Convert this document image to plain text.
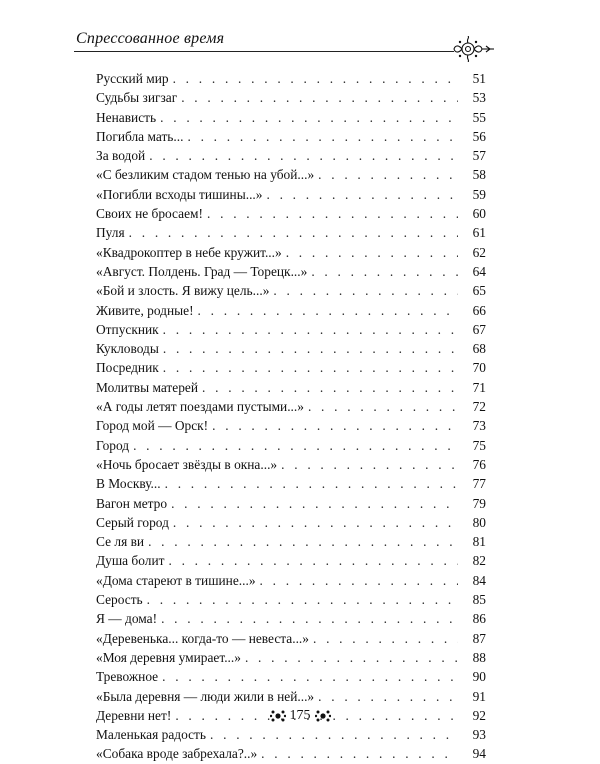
Спрессованное время
Русский мир . . .	51
Судьбы зигзаг . . .	53
Ненависть . . .	55
Погибла мать... . . .	56
За водой . . .	57
«С безликим стадом тенью на убой...» . . .	58
«Погибли всходы тишины...» . . .	59
Своих не бросаем! . . .	60
Пуля . . .	61
«Квадрокоптер в небе кружит...» . . .	62
«Август. Полдень. Град — Торецк...» . . .	64
«Бой и злость. Я вижу цель...» . . .	65
Живите, родные! . . .	66
Отпускник . . .	67
Кукловоды . . .	68
Посредник . . .	70
Молитвы матерей . . .	71
«А годы летят поездами пустыми...» . . .	72
Город мой — Орск! . . .	73
Город . . .	75
«Ночь бросает звёзды в окна...» . . .	76
В Москву... . . .	77
Вагон метро . . .	79
Серый город . . .	80
Се ля ви . . .	81
Душа болит . . .	82
«Дома стареют в тишине...» . . .	84
Серость . . .	85
Я — дома! . . .	86
«Деревенька... когда-то — невеста...» . . .	87
«Моя деревня умирает...» . . .	88
Тревожное . . .	90
«Была деревня — люди жили в ней...» . . .	91
Деревни нет! . . .	92
Маленькая радость . . .	93
«Собака вроде забрехала?..» . . .	94
175
